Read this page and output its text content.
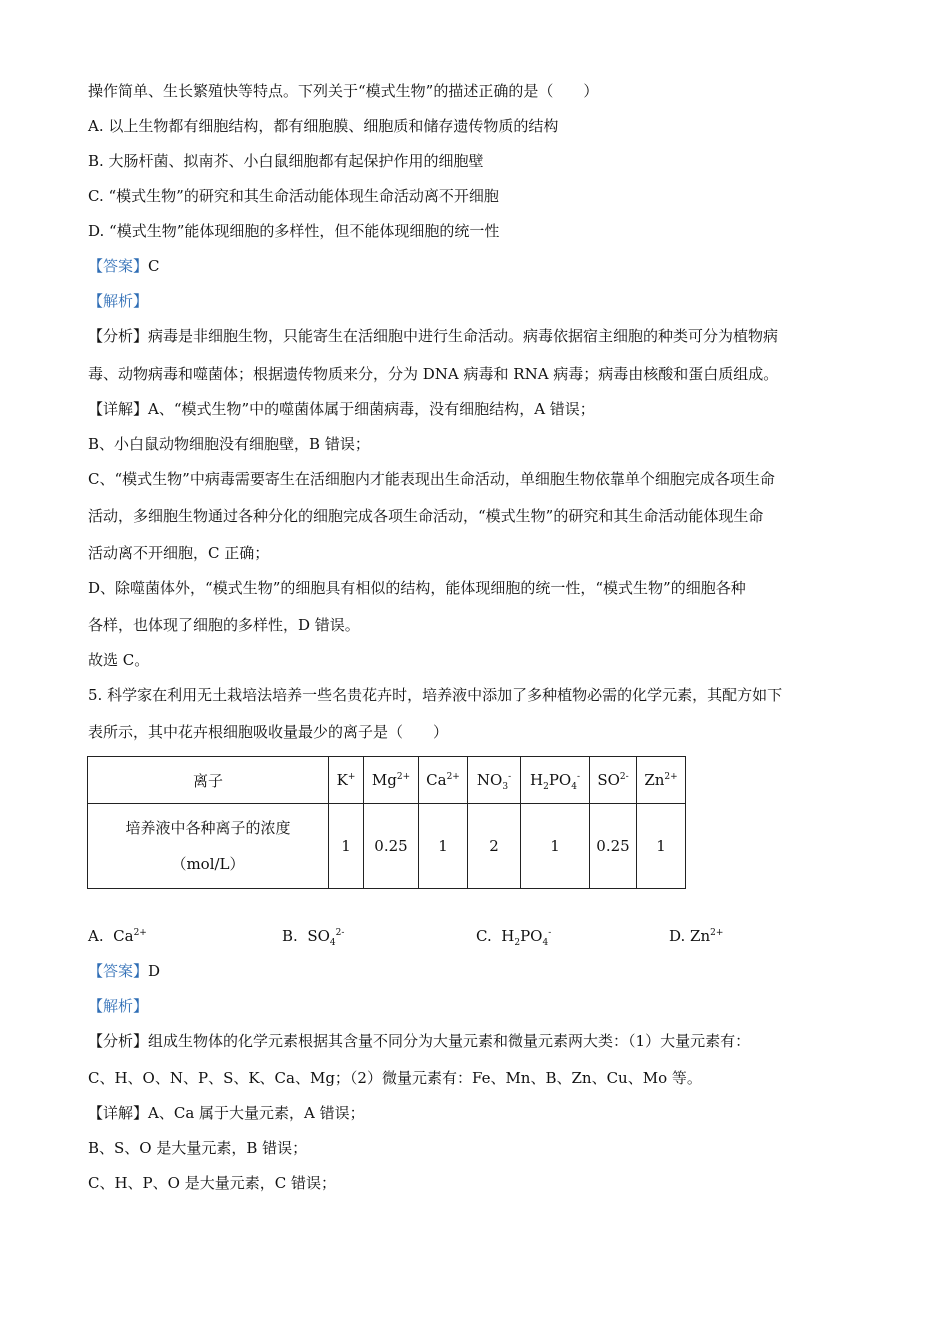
操作简单、生长繁殖快等特点。下列关于“模式生物”的描述正确的是（　　）
A. 以上生物都有细胞结构，都有细胞膜、细胞质和储存遗传物质的结构
B. 大肠杆菌、拟南芥、小白鼠细胞都有起保护作用的细胞壁
C. “模式生物”的研究和其生命活动能体现生命活动离不开细胞
D. “模式生物”能体现细胞的多样性，但不能体现细胞的统一性
【答案】C
【解析】
【分析】病毒是非细胞生物，只能寄生在活细胞中进行生命活动。病毒依据宿主细胞的种类可分为植物病
毒、动物病毒和噬菌体；根据遗传物质来分，分为 DNA 病毒和 RNA 病毒；病毒由核酸和蛋白质组成。
【详解】A、“模式生物”中的噬菌体属于细菌病毒，没有细胞结构，A 错误；
B、小白鼠动物细胞没有细胞壁，B 错误；
C、“模式生物”中病毒需要寄生在活细胞内才能表现出生命活动，单细胞生物依靠单个细胞完成各项生命
活动，多细胞生物通过各种分化的细胞完成各项生命活动，“模式生物”的研究和其生命活动能体现生命
活动离不开细胞，C 正确；
D、除噬菌体外，“模式生物”的细胞具有相似的结构，能体现细胞的统一性，“模式生物”的细胞各种
各样，也体现了细胞的多样性，D 错误。
故选 C。
5. 科学家在利用无土栽培法培养一些名贵花卉时，培养液中添加了多种植物必需的化学元素，其配方如下
表所示，其中花卉根细胞吸收量最少的离子是（　　）
离子	K+	$Mg^{2+}$	$Ca^{2+}$	$NO_3^-$	$H_2PO_4^-$	$SO^{2-}$	$Zn^{2+}$

培养液中各种离子的浓度
（mol/L）	1	0.25	1	2	1	0.25	1
A.  $Ca^{2+}$	B.  $SO_4^{2-}$	C.  $H_2PO_4^-$	D. $Zn^{2+}$
【答案】D
【解析】
【分析】组成生物体的化学元素根据其含量不同分为大量元素和微量元素两大类：（1）大量元素有：
C、H、O、N、P、S、K、Ca、Mg；（2）微量元素有：Fe、Mn、B、Zn、Cu、Mo 等。
【详解】A、Ca 属于大量元素，A 错误；
B、S、O 是大量元素，B 错误；
C、H、P、O 是大量元素，C 错误；
